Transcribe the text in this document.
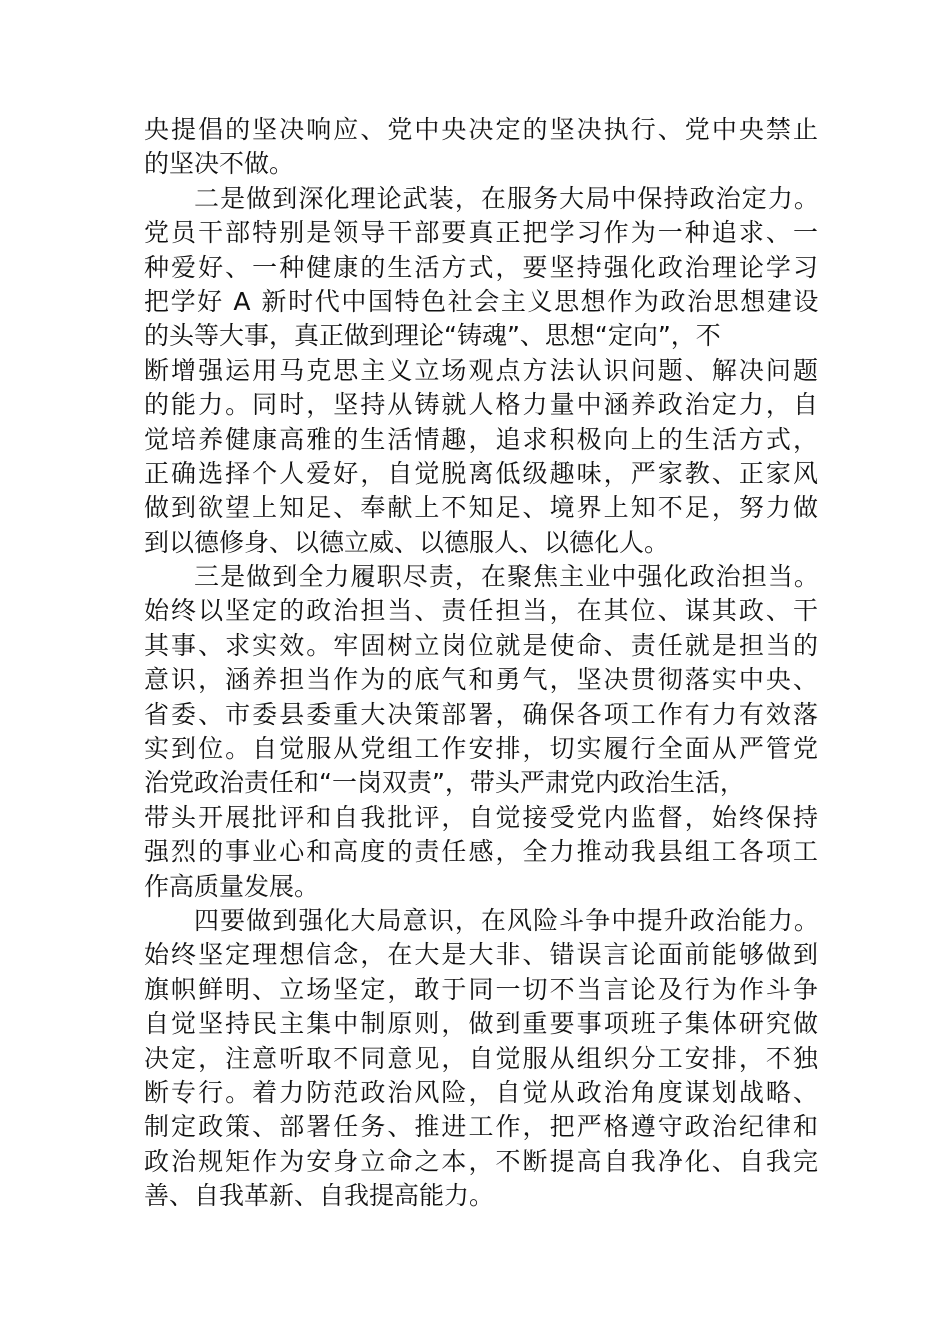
央提倡的坚决响应、党中央决定的坚决执行、党中央禁止
的坚决不做。
二是做到深化理论武装，在服务大局中保持政治定力。
党员干部特别是领导干部要真正把学习作为一种追求、一
种爱好、一种健康的生活方式，要坚持强化政治理论学习
把学好 A 新时代中国特色社会主义思想作为政治思想建设
的头等大事，真正做到理论“铸魂”、思想“定向”，不
断增强运用马克思主义立场观点方法认识问题、解决问题
的能力。同时，坚持从铸就人格力量中涵养政治定力，自
觉培养健康高雅的生活情趣，追求积极向上的生活方式，
正确选择个人爱好，自觉脱离低级趣味，严家教、正家风
做到欲望上知足、奉献上不知足、境界上知不足，努力做
到以德修身、以德立威、以德服人、以德化人。
三是做到全力履职尽责，在聚焦主业中强化政治担当。
始终以坚定的政治担当、责任担当，在其位、谋其政、干
其事、求实效。牢固树立岗位就是使命、责任就是担当的
意识，涵养担当作为的底气和勇气，坚决贯彻落实中央、
省委、市委县委重大决策部署，确保各项工作有力有效落
实到位。自觉服从党组工作安排，切实履行全面从严管党
治党政治责任和“一岗双责”，带头严肃党内政治生活，
带头开展批评和自我批评，自觉接受党内监督，始终保持
强烈的事业心和高度的责任感，全力推动我县组工各项工
作高质量发展。
四要做到强化大局意识，在风险斗争中提升政治能力。
始终坚定理想信念，在大是大非、错误言论面前能够做到
旗帜鲜明、立场坚定，敢于同一切不当言论及行为作斗争
自觉坚持民主集中制原则，做到重要事项班子集体研究做
决定，注意听取不同意见，自觉服从组织分工安排，不独
断专行。着力防范政治风险，自觉从政治角度谋划战略、
制定政策、部署任务、推进工作，把严格遵守政治纪律和
政治规矩作为安身立命之本，不断提高自我净化、自我完
善、自我革新、自我提高能力。
